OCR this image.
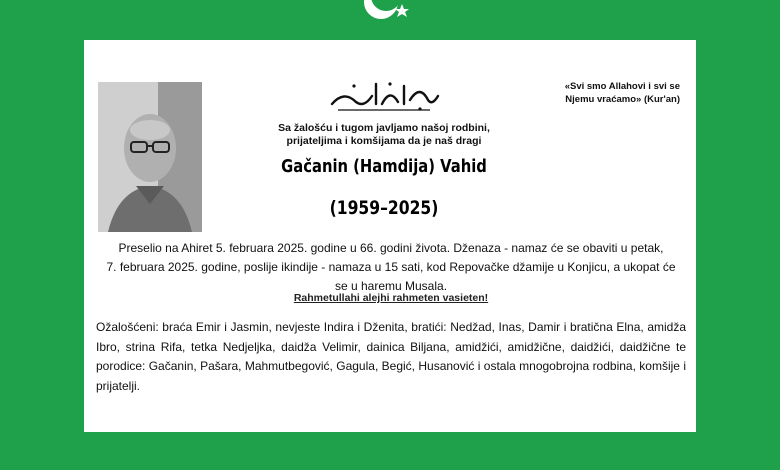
«Svi smo Allahovi i svi se
Njemu vraćamo» (Kur'an)
Sa žalošću i tugom javljamo našoj rodbini,
prijateljima i komšijama da je naš dragi
Gačanin (Hamdija) Vahid
(1959–2025)
Preselio na Ahiret 5. februara 2025. godine u 66. godini života. Dženaza - namaz će se obaviti u petak,
7. februara 2025. godine, poslije ikindije - namaza u 15 sati, kod Repovačke džamije u Konjicu, a ukopat će
se u haremu Musala.
Rahmetullahi alejhi rahmeten vasieten!
Ožalošćeni: braća Emir i Jasmin, nevjeste Indira i Dženita, bratići: Nedžad, Inas, Damir i bratična Elna, amidža Ibro, strina Rifa, tetka Nedjeljka, daidža Velimir, dainica Biljana, amidžići, amidžične, daidžići, daidžične te porodice: Gačanin, Pašara, Mahmutbegović, Gagula, Begić, Husanović i ostala mnogobrojna rodbina, komšije i prijatelji.
